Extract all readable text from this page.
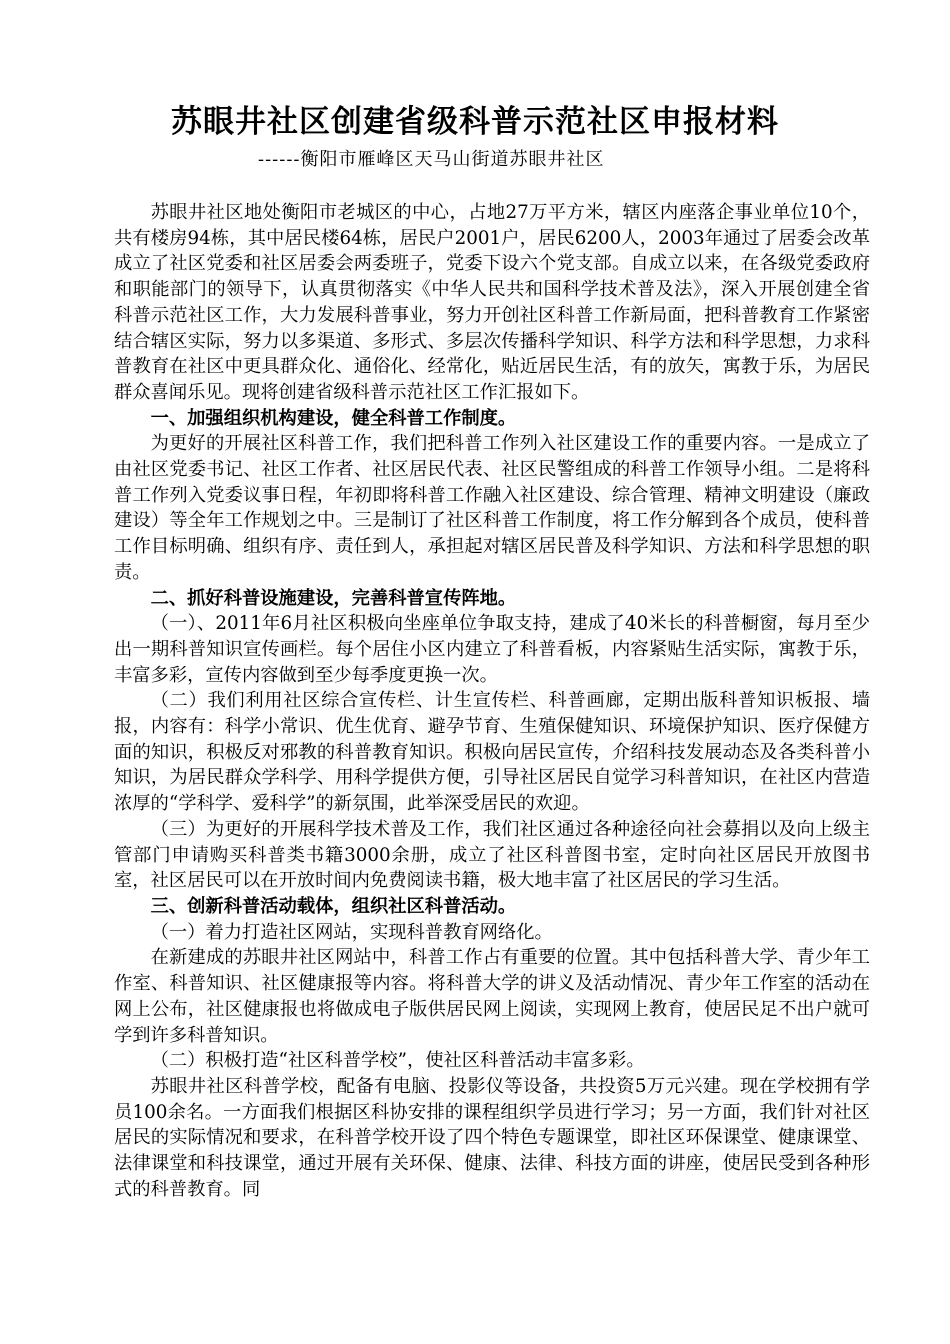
苏眼井社区创建省级科普示范社区申报材料
------衡阳市雁峰区天马山街道苏眼井社区

苏眼井社区地处衡阳市老城区的中心，占地27万平方米，辖区内座落企事业单位10个，共有楼房94栋，其中居民楼64栋，居民户2001户，居民6200人，2003年通过了居委会改革成立了社区党委和社区居委会两委班子，党委下设六个党支部。自成立以来，在各级党委政府和职能部门的领导下，认真贯彻落实《中华人民共和国科学技术普及法》，深入开展创建全省科普示范社区工作，大力发展科普事业，努力开创社区科普工作新局面，把科普教育工作紧密结合辖区实际，努力以多渠道、多形式、多层次传播科学知识、科学方法和科学思想，力求科普教育在社区中更具群众化、通俗化、经常化，贴近居民生活，有的放矢，寓教于乐，为居民群众喜闻乐见。现将创建省级科普示范社区工作汇报如下。

一、加强组织机构建设，健全科普工作制度。

为更好的开展社区科普工作，我们把科普工作列入社区建设工作的重要内容。一是成立了由社区党委书记、社区工作者、社区居民代表、社区民警组成的科普工作领导小组。二是将科普工作列入党委议事日程，年初即将科普工作融入社区建设、综合管理、精神文明建设（廉政建设）等全年工作规划之中。三是制订了社区科普工作制度，将工作分解到各个成员，使科普工作目标明确、组织有序、责任到人，承担起对辖区居民普及科学知识、方法和科学思想的职责。

二、抓好科普设施建设，完善科普宣传阵地。

（一）、2011年6月社区积极向坐座单位争取支持，建成了40米长的科普橱窗，每月至少出一期科普知识宣传画栏。每个居住小区内建立了科普看板，内容紧贴生活实际，寓教于乐，丰富多彩，宣传内容做到至少每季度更换一次。

（二）我们利用社区综合宣传栏、计生宣传栏、科普画廊，定期出版科普知识板报、墙报，内容有：科学小常识、优生优育、避孕节育、生殖保健知识、环境保护知识、医疗保健方面的知识，积极反对邪教的科普教育知识。积极向居民宣传，介绍科技发展动态及各类科普小知识，为居民群众学科学、用科学提供方便，引导社区居民自觉学习科普知识，在社区内营造浓厚的“学科学、爱科学”的新氛围，此举深受居民的欢迎。

（三）为更好的开展科学技术普及工作，我们社区通过各种途径向社会募捐以及向上级主管部门申请购买科普类书籍3000余册，成立了社区科普图书室，定时向社区居民开放图书室，社区居民可以在开放时间内免费阅读书籍，极大地丰富了社区居民的学习生活。

三、创新科普活动载体，组织社区科普活动。

（一）着力打造社区网站，实现科普教育网络化。

在新建成的苏眼井社区网站中，科普工作占有重要的位置。其中包括科普大学、青少年工作室、科普知识、社区健康报等内容。将科普大学的讲义及活动情况、青少年工作室的活动在网上公布，社区健康报也将做成电子版供居民网上阅读，实现网上教育，使居民足不出户就可学到许多科普知识。

（二）积极打造“社区科普学校”，使社区科普活动丰富多彩。

苏眼井社区科普学校，配备有电脑、投影仪等设备，共投资5万元兴建。现在学校拥有学员100余名。一方面我们根据区科协安排的课程组织学员进行学习；另一方面，我们针对社区居民的实际情况和要求，在科普学校开设了四个特色专题课堂，即社区环保课堂、健康课堂、法律课堂和科技课堂，通过开展有关环保、健康、法律、科技方面的讲座，使居民受到各种形式的科普教育。同
